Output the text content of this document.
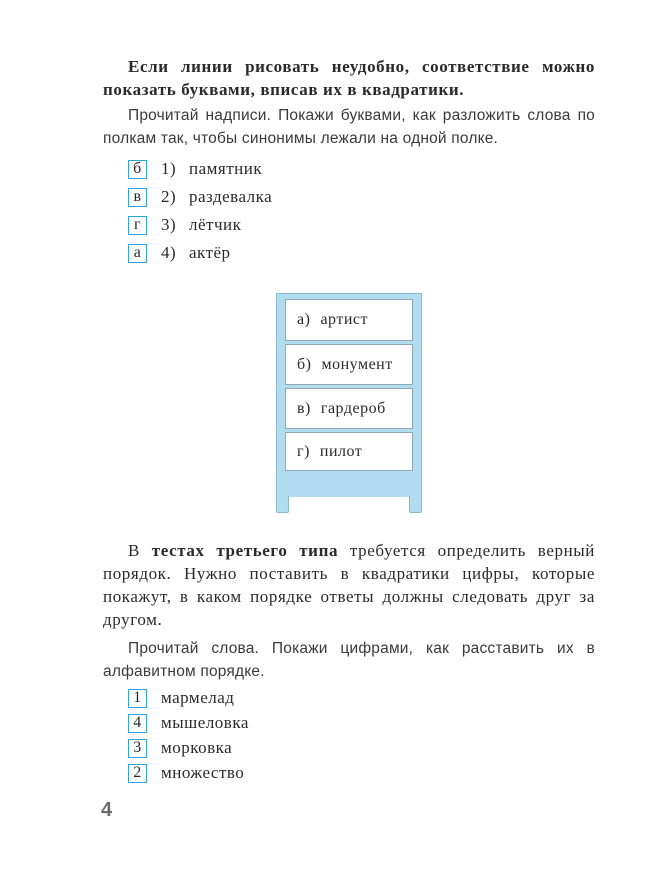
Если линии рисовать неудобно, соответствие можно показать буквами, вписав их в квадратики.
Прочитай надписи. Покажи буквами, как разложить слова по полкам так, чтобы синонимы лежали на одной полке.
б	1) памятник
в	2) раздевалка
г	3) лётчик
а	4) актёр
а) артист
б) монумент
в) гардероб
г) пилот
В тестах третьего типа требуется определить верный порядок. Нужно поставить в квадратики цифры, которые покажут, в каком порядке ответы должны следовать друг за другом.
Прочитай слова. Покажи цифрами, как расставить их в алфавитном порядке.
1	мармелад
4	мышеловка
3	морковка
2	множество
4
